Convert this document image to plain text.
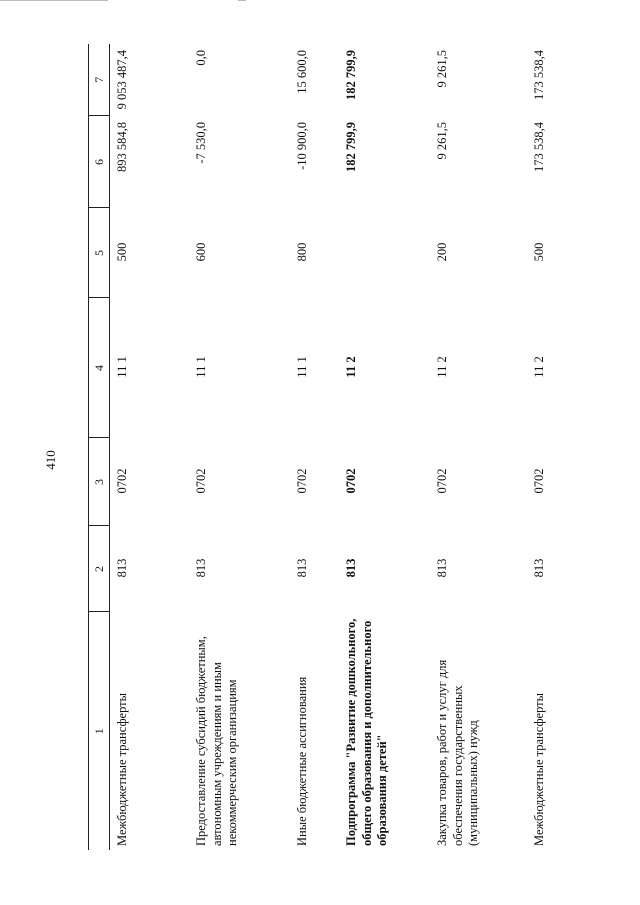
410
1	2	3	4	5	6	7
Межбюджетные трансферты	813	0702	11 1	500	893 584,8	9 053 487,4
Предоставление субсидий бюджетным, автономным учреждениям и иным некоммерческим организациям	813	0702	11 1	600	-7 530,0	0,0
Иные бюджетные ассигнования	813	0702	11 1	800	-10 900,0	15 600,0
Подпрограмма "Развитие дошкольного, общего образования и дополнительного образования детей"	813	0702	11 2		182 799,9	182 799,9
Закупка товаров, работ и услуг для обеспечения государственных (муниципальных) нужд	813	0702	11 2	200	9 261,5	9 261,5
Межбюджетные трансферты	813	0702	11 2	500	173 538,4	173 538,4
